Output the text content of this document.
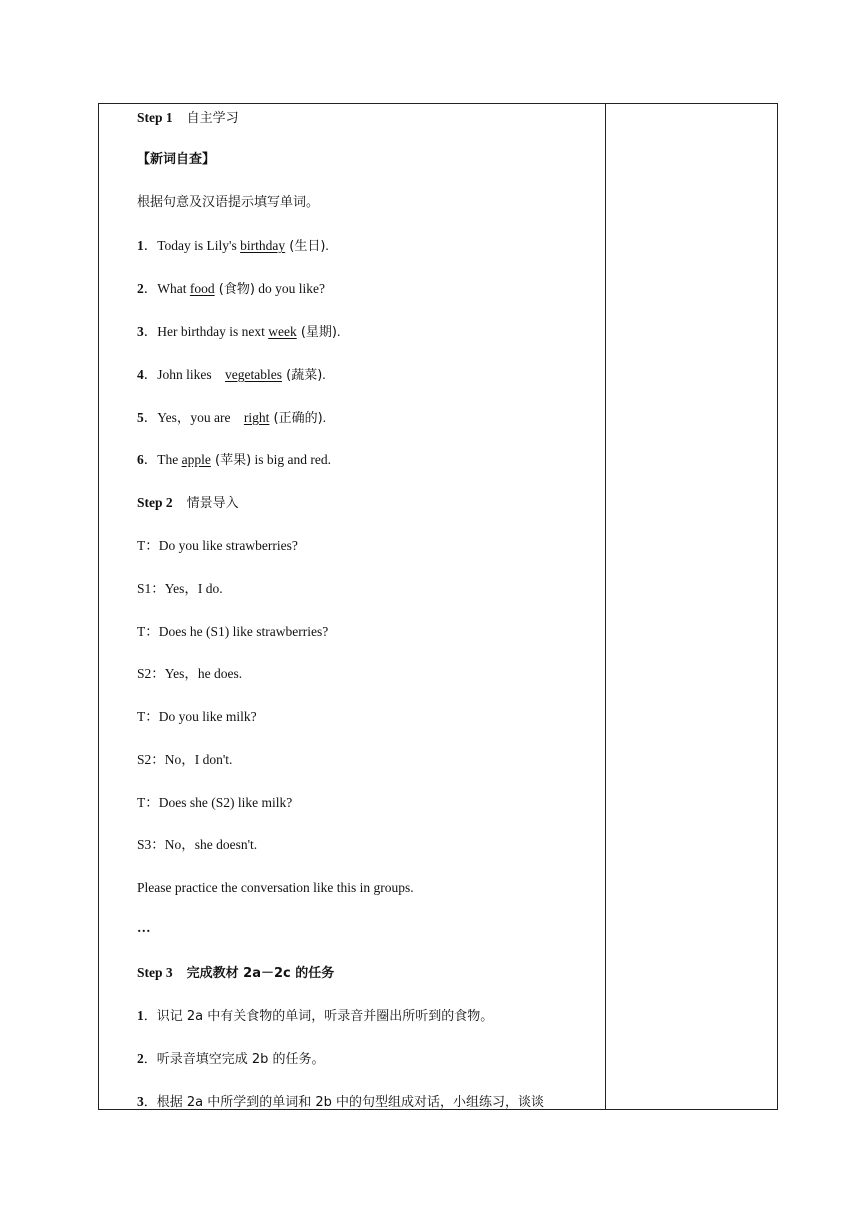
Step 1 自主学习
【新词自查】
根据句意及汉语提示填写单词。
1．Today is Lily's birthday (生日).
2．What food (食物) do you like?
3．Her birthday is next week (星期).
4．John likes vegetables (蔬菜).
5．Yes，you are right (正确的).
6．The apple (苹果) is big and red.
Step 2 情景导入
T：Do you like strawberries?
S1：Yes，I do.
T：Does he (S1) like strawberries?
S2：Yes，he does.
T：Do you like milk?
S2：No，I don't.
T：Does she (S2) like milk?
S3：No，she doesn't.
Please practice the conversation like this in groups.
…
Step 3 完成教材 2a－2c 的任务
1．识记 2a 中有关食物的单词，听录音并圈出所听到的食物。
2．听录音填空完成 2b 的任务。
3．根据 2a 中所学到的单词和 2b 中的句型组成对话，小组练习，谈谈
